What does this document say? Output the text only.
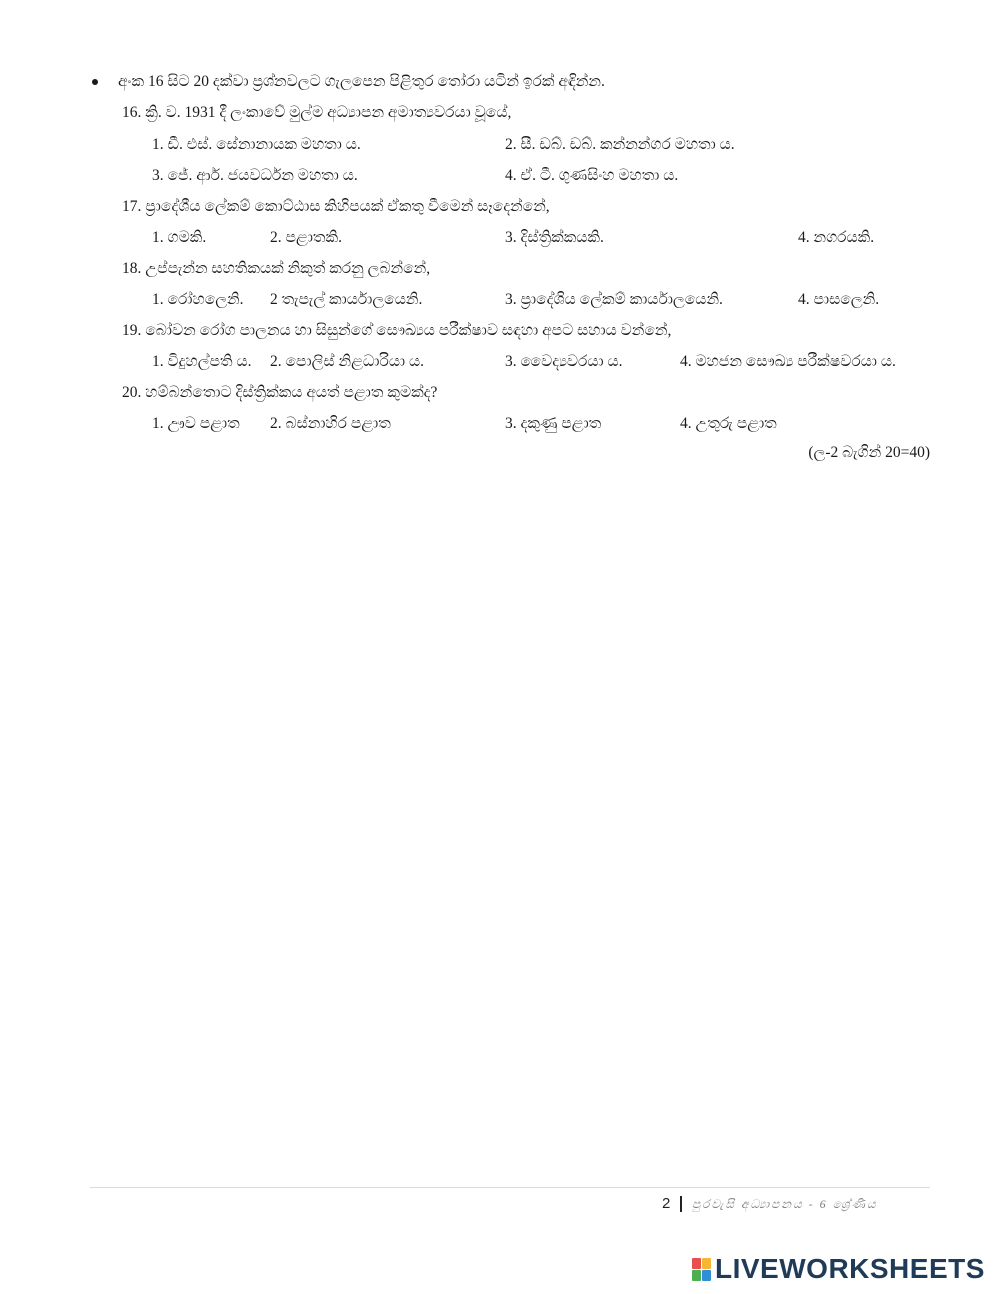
අංක 16 සිට 20 දක්වා ප්‍රශ්නවලට ගැලපෙන පිළිතුර තෝරා යටින් ඉරක් අඳින්න.
16. ක්‍රි. ව. 1931 දී ලංකාවේ මුල්ම අධ්‍යාපන අමාත්‍යවරයා වූයේ,
1. ඩී. එස්. සේනානායක මහතා ය.	2. සී. ඩබ්. ඩබ්. කන්නන්ගර මහතා ය.
3. ජේ. ආර්. ජයවර්ධන මහතා ය.	4. ඒ. ටී. ගුණසිංහ මහතා ය.
17. ප්‍රාදේශීය ලේකම් කොට්ඨාස කිහිපයක් ඒකතු වීමෙන් සෑදෙන්නේ,
1. ගමකි.	2. පළාතකි.	3. දිස්ත්‍රික්කයකි.	4. නගරයකි.
18. උප්පැන්න සහතිකයක් නිකුත් කරනු ලබන්නේ,
1. රෝහලෙනි. 2 තැපැල් කාර්යාලයෙනි.	3. ප්‍රාදේශිය ලේකම් කාර්යාලයෙනි.	4. පාසලෙනි.
19. බෝවන රෝග පාලනය හා සිසුන්ගේ සෞඛ්‍යය පරීක්ෂාව සඳහා අපට සහාය වන්නේ,
1. විදුහල්පති ය. 2. පොලිස් නිළධාරියා ය.	3. වෛද්‍යවරයා ය.	4. මහජන සෞඛ්‍ය පරීක්ෂවරයා ය.
20. හම්බන්තොට දිස්ත්‍රික්කය අයත් පළාත කුමක්ද?
1. ඌව පළාත 2. බස්නාහිර පළාත	3. දකුණු පළාත	4. උතුරු පළාත
(ල-2 බැගින් 20=40)
2 පුරවැසි අධ්‍යාපනය - 6 ශ්‍රේණිය
LIVEWORKSHEETS
